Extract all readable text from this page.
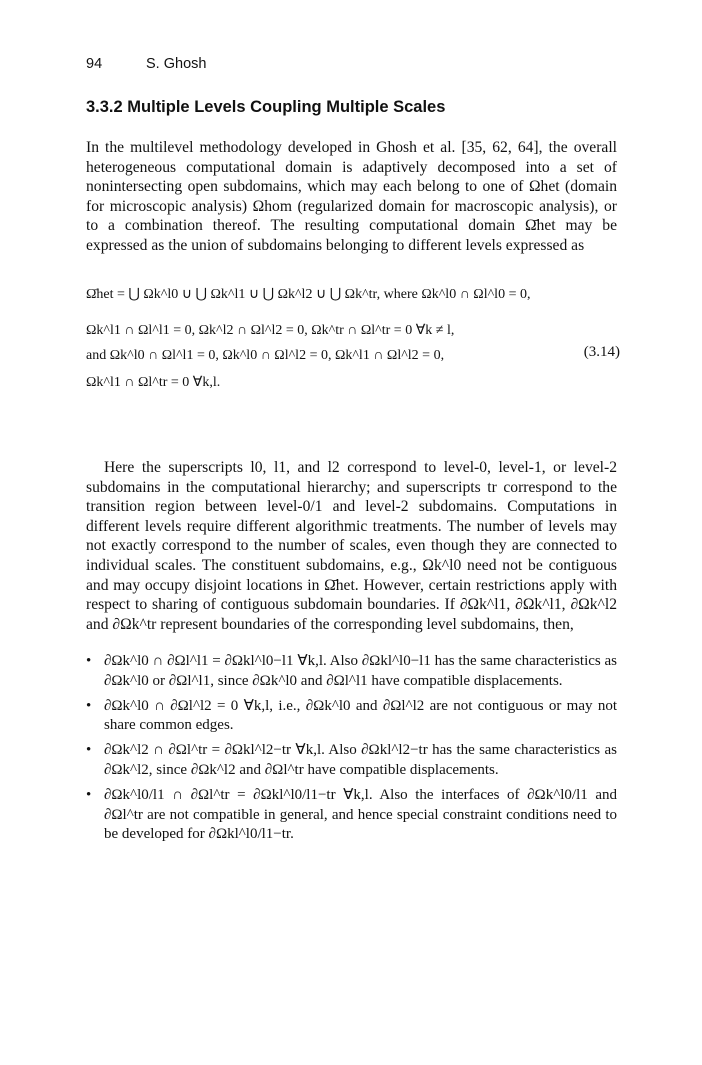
94	S. Ghosh
3.3.2 Multiple Levels Coupling Multiple Scales

In the multilevel methodology developed in Ghosh et al. [35, 62, 64], the overall heterogeneous computational domain is adaptively decomposed into a set of nonintersecting open subdomains, which may each belong to one of Ωhet (domain for microscopic analysis) Ωhom (regularized domain for macroscopic analysis), or to a combination thereof. The resulting computational domain Ω̄het may be expressed as the union of subdomains belonging to different levels expressed as

Ω̄het = ⋃ Ωk^l0 ∪ ⋃ Ωk^l1 ∪ ⋃ Ωk^l2 ∪ ⋃ Ωk^tr, where Ωk^l0 ∩ Ωl^l0 = 0,
Ωk^l1 ∩ Ωl^l1 = 0, Ωk^l2 ∩ Ωl^l2 = 0, Ωk^tr ∩ Ωl^tr = 0 ∀k ≠ l,
and Ωk^l0 ∩ Ωl^l1 = 0, Ωk^l0 ∩ Ωl^l2 = 0, Ωk^l1 ∩ Ωl^l2 = 0,
Ωk^l1 ∩ Ωl^tr = 0 ∀k,l.
(3.14)

Here the superscripts l0, l1, and l2 correspond to level-0, level-1, or level-2 subdomains in the computational hierarchy; and superscripts tr correspond to the transition region between level-0/1 and level-2 subdomains. Computations in different levels require different algorithmic treatments. The number of levels may not exactly correspond to the number of scales, even though they are connected to individual scales. The constituent subdomains, e.g., Ωk^l0 need not be contiguous and may occupy disjoint locations in Ω̄het. However, certain restrictions apply with respect to sharing of contiguous subdomain boundaries. If ∂Ωk^l1, ∂Ωk^l1, ∂Ωk^l2 and ∂Ωk^tr represent boundaries of the corresponding level subdomains, then,

• ∂Ωk^l0 ∩ ∂Ωl^l1 = ∂Ωkl^l0−l1 ∀k,l. Also ∂Ωkl^l0−l1 has the same characteristics as ∂Ωk^l0 or ∂Ωl^l1, since ∂Ωk^l0 and ∂Ωl^l1 have compatible displacements.
• ∂Ωk^l0 ∩ ∂Ωl^l2 = 0 ∀k,l, i.e., ∂Ωk^l0 and ∂Ωl^l2 are not contiguous or may not share common edges.
• ∂Ωk^l2 ∩ ∂Ωl^tr = ∂Ωkl^l2−tr ∀k,l. Also ∂Ωkl^l2−tr has the same characteristics as ∂Ωk^l2, since ∂Ωk^l2 and ∂Ωl^tr have compatible displacements.
• ∂Ωk^l0/l1 ∩ ∂Ωl^tr = ∂Ωkl^l0/l1−tr ∀k,l. Also the interfaces of ∂Ωk^l0/l1 and ∂Ωl^tr are not compatible in general, and hence special constraint conditions need to be developed for ∂Ωkl^l0/l1−tr.
